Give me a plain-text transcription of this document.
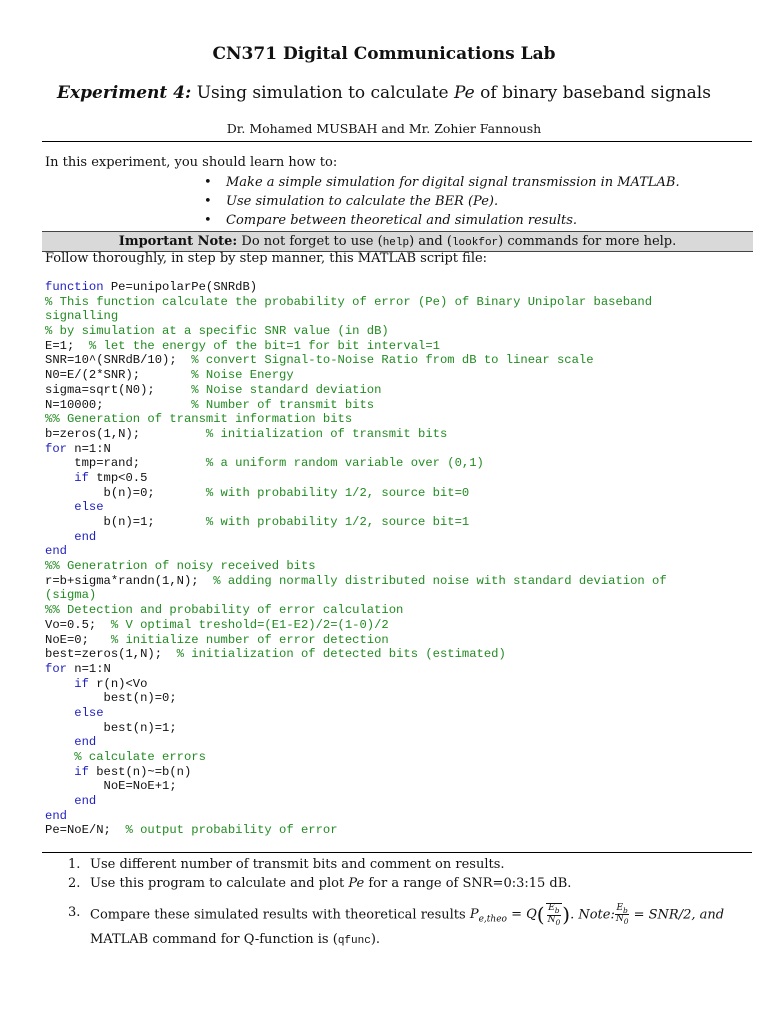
CN371 Digital Communications Lab
Experiment 4: Using simulation to calculate Pe of binary baseband signals
Dr. Mohamed MUSBAH and Mr. Zohier Fannoush
In this experiment, you should learn how to:
• Make a simple simulation for digital signal transmission in MATLAB.
• Use simulation to calculate the BER (Pe).
• Compare between theoretical and simulation results.
Important Note: Do not forget to use (help) and (lookfor) commands for more help.
Follow thoroughly, in step by step manner, this MATLAB script file:
function Pe=unipolarPe(SNRdB)
% This function calculate the probability of error (Pe) of Binary Unipolar baseband
signalling
% by simulation at a specific SNR value (in dB)
E=1;  % let the energy of the bit=1 for bit interval=1
SNR=10^(SNRdB/10);  % convert Signal-to-Noise Ratio from dB to linear scale
N0=E/(2*SNR);       % Noise Energy
sigma=sqrt(N0);     % Noise standard deviation
N=10000;            % Number of transmit bits
%% Generation of transmit information bits
b=zeros(1,N);         % initialization of transmit bits
for n=1:N
tmp=rand;         % a uniform random variable over (0,1)
if tmp<0.5
b(n)=0;       % with probability 1/2, source bit=0
else
b(n)=1;       % with probability 1/2, source bit=1
end
end
%% Generatrion of noisy received bits
r=b+sigma*randn(1,N);  % adding normally distributed noise with standard deviation of
(sigma)
%% Detection and probability of error calculation
Vo=0.5;  % V optimal treshold=(E1-E2)/2=(1-0)/2
NoE=0;   % initialize number of error detection
best=zeros(1,N);  % initialization of detected bits (estimated)
for n=1:N
if r(n)<Vo
best(n)=0;
else
best(n)=1;
end
% calculate errors
if best(n)~=b(n)
NoE=NoE+1;
end
end
Pe=NoE/N;  % output probability of error
1. Use different number of transmit bits and comment on results.
2. Use this program to calculate and plot Pe for a range of SNR=0:3:15 dB.
3. Compare these simulated results with theoretical results $P_{e,theo} = Q( \frac{E_b}{N_0}$ ). Note: $\frac{E_b}{N_0} = SNR/2$, and
MATLAB command for Q-function is (qfunc).
